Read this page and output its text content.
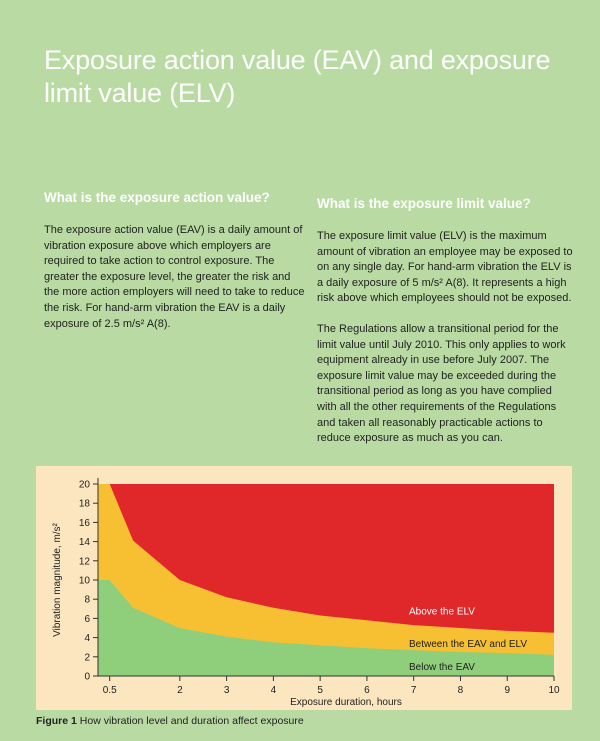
Exposure action value (EAV) and exposure limit value (ELV)
What is the exposure action value?

The exposure action value (EAV) is a daily amount of vibration exposure above which employers are required to take action to control exposure. The greater the exposure level, the greater the risk and the more action employers will need to take to reduce the risk. For hand-arm vibration the EAV is a daily exposure of 2.5 m/s² A(8).

What is the exposure limit value?

The exposure limit value (ELV) is the maximum amount of vibration an employee may be exposed to on any single day. For hand-arm vibration the ELV is a daily exposure of 5 m/s² A(8). It represents a high risk above which employees should not be exposed.

The Regulations allow a transitional period for the limit value until July 2010. This only applies to work equipment already in use before July 2007. The exposure limit value may be exceeded during the transitional period as long as you have complied with all the other requirements of the Regulations and taken all reasonably practicable actions to reduce exposure as much as you can.

0
2
4
6
8
10
12
14
16
18
20
0.5	2	3	4	5	6	7	8	9	10
Exposure duration, hours
Vibration magnitude, m/s²	Above the ELV
Between the EAV and ELV
Below the EAV
Figure 1 How vibration level and duration affect exposure
